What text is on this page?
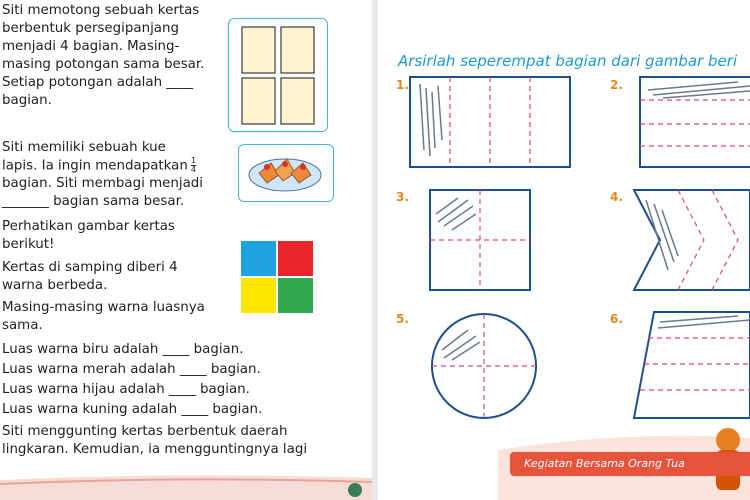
Siti memotong sebuah kertas

berbentuk persegipanjang

menjadi 4 bagian. Masing-

masing potongan sama besar.

Setiap potongan adalah ____

bagian.

Siti memiliki sebuah kue

lapis. Ia ingin mendapatkan $\frac{1}{4}$

bagian. Siti membagi menjadi

_______ bagian sama besar.

Perhatikan gambar kertas

berikut!

Kertas di samping diberi 4

warna berbeda.

Masing-masing warna luasnya

sama.

Luas warna biru adalah ____ bagian.

Luas warna merah adalah ____ bagian.

Luas warna hijau adalah ____ bagian.

Luas warna kuning adalah ____ bagian.

Siti menggunting kertas berbentuk daerah

lingkaran. Kemudian, ia mengguntingnya lagi

Arsirlah seperempat bagian dari gambar beri
1.	2.
3.	4.
5.	6.
Kegiatan Bersama Orang Tua
